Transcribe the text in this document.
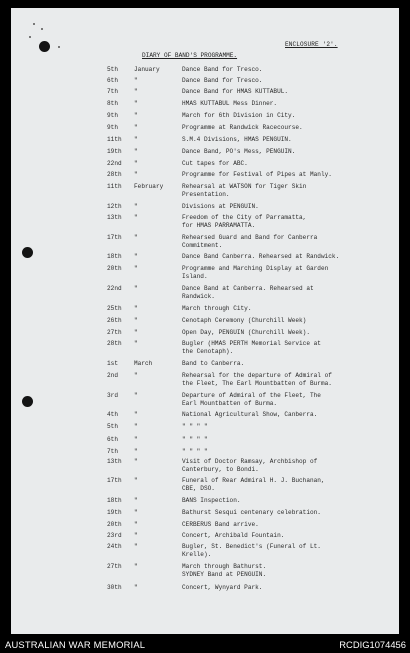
ENCLOSURE '2'.
DIARY OF BAND'S PROGRAMME.
5th	January	Dance Band for Tresco.
6th	"	Dance Band for Tresco.
7th	"	Dance Band for HMAS KUTTABUL.
8th	"	HMAS KUTTABUL Mess Dinner.
9th	"	March for 6th Division in City.
9th	"	Programme at Randwick Racecourse.
11th "	S.M.4 Divisions, HMAS PENGUIN.
19th "	Dance Band, PO's Mess, PENGUIN.
22nd "	Cut tapes for ABC.
28th "	Programme for Festival of Pipes at Manly.
11th February	Rehearsal at WATSON for Tiger Skin
Presentation.
12th "	Divisions at PENGUIN.
13th "	Freedom of the City of Parramatta,
for HMAS PARRAMATTA.
17th "	Rehearsed Guard and Band for Canberra
Commitment.
18th "	Dance Band Canberra. Rehearsed at Randwick.
20th "	Programme and Marching Display at Garden
Island.
22nd "	Dance Band at Canberra. Rehearsed at
Randwick.
25th "	March through City.
26th "	Cenotaph Ceremony (Churchill Week)
27th "	Open Day, PENGUIN (Churchill Week).
28th "	Bugler (HMAS PERTH Memorial Service at
the Cenotaph).
1st	March	Band to Canberra.
2nd	"	Rehearsal for the departure of Admiral of
the Fleet, The Earl Mountbatten of Burma.
3rd	"	Departure of Admiral of the Fleet, The
Earl Mountbatten of Burma.
4th	"	National Agricultural Show, Canberra.
5th	"	" " " "
6th	"	" " " "
7th	"	" " " "
13th "	Visit of Doctor Ramsay, Archbishop of
Canterbury, to Bondi.
17th "	Funeral of Rear Admiral H. J. Buchanan,
CBE, DSO.
18th "	BANS Inspection.
19th "	Bathurst Sesqui centenary celebration.
20th "	CERBERUS Band arrive.
23rd "	Concert, Archibald Fountain.
24th "	Bugler, St. Benedict's (Funeral of Lt.
Krelle).
27th "	March through Bathurst.
SYDNEY Band at PENGUIN.
30th "	Concert, Wynyard Park.
AUSTRALIAN WAR MEMORIAL	RCDIG1074456
